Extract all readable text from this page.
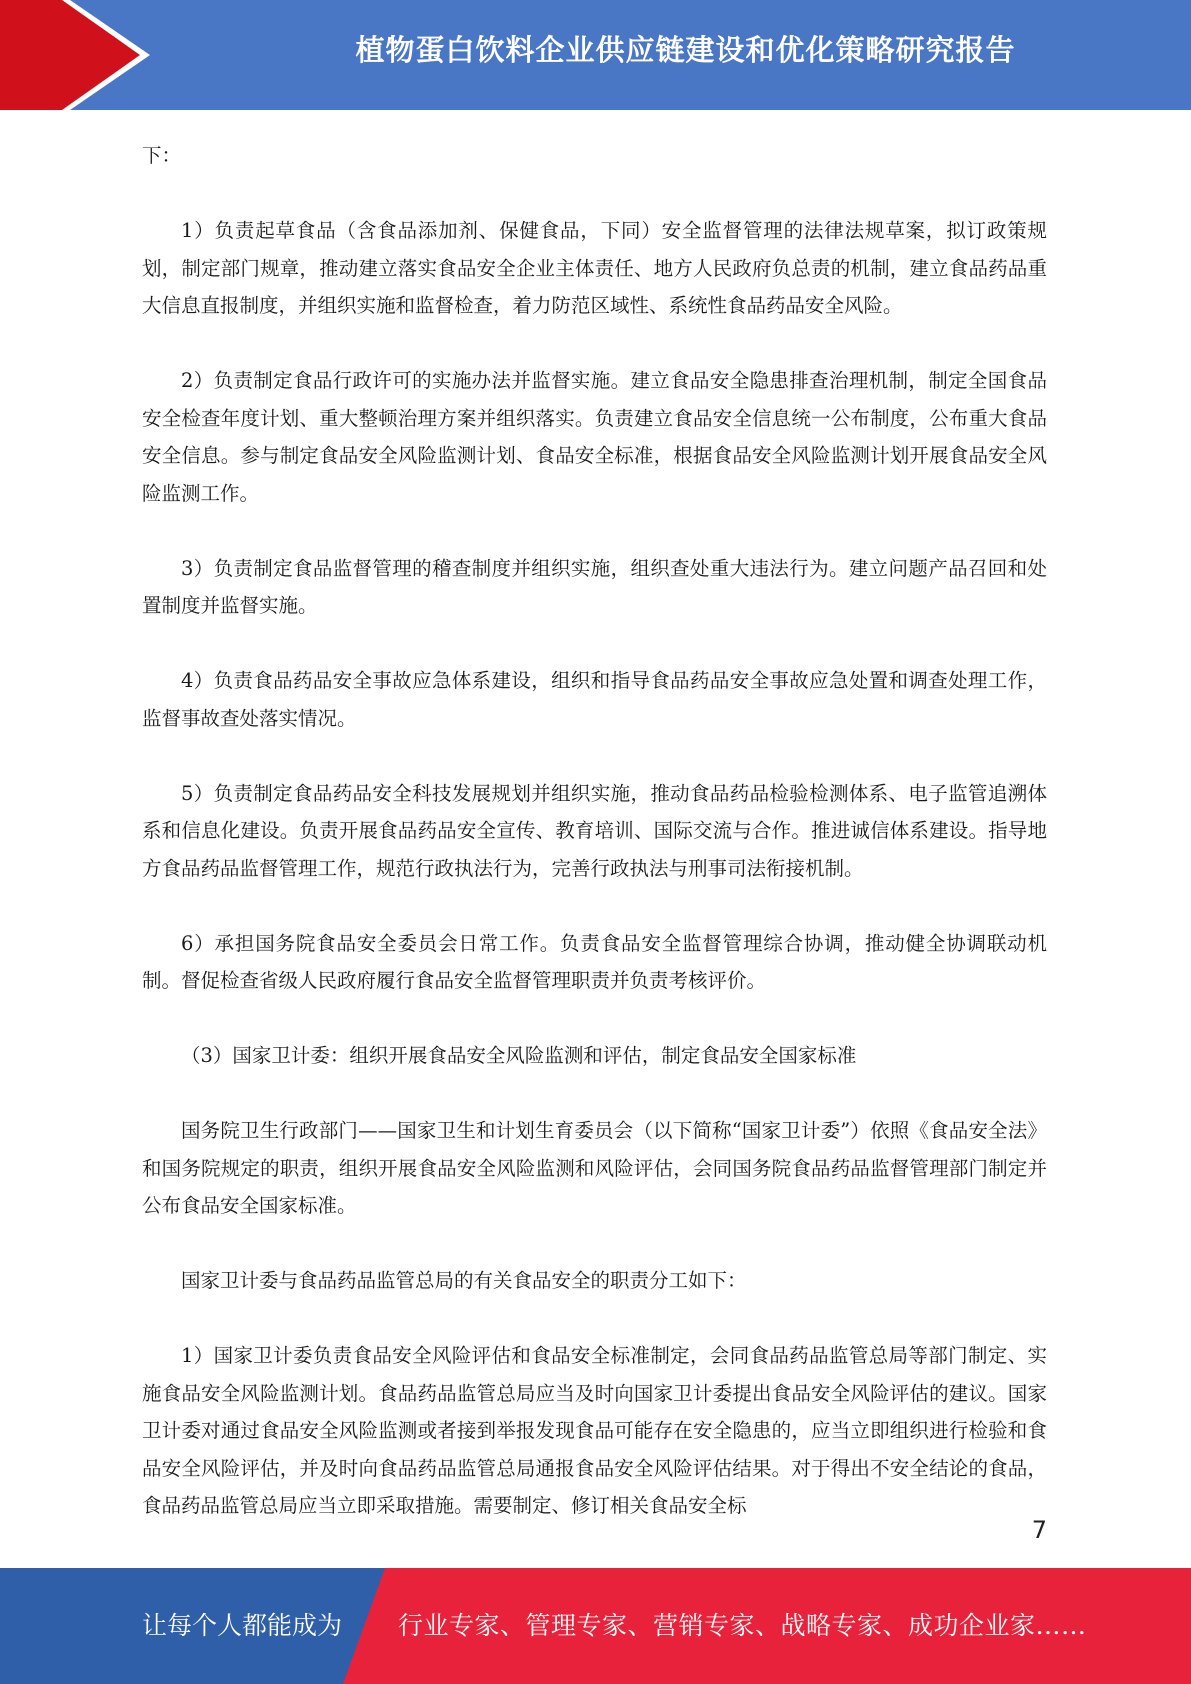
植物蛋白饮料企业供应链建设和优化策略研究报告

下：

1）负责起草食品（含食品添加剂、保健食品，下同）安全监督管理的法律法规草案，拟订政策规划，制定部门规章，推动建立落实食品安全企业主体责任、地方人民政府负总责的机制，建立食品药品重大信息直报制度，并组织实施和监督检查，着力防范区域性、系统性食品药品安全风险。

2）负责制定食品行政许可的实施办法并监督实施。建立食品安全隐患排查治理机制，制定全国食品安全检查年度计划、重大整顿治理方案并组织落实。负责建立食品安全信息统一公布制度，公布重大食品安全信息。参与制定食品安全风险监测计划、食品安全标准，根据食品安全风险监测计划开展食品安全风险监测工作。

3）负责制定食品监督管理的稽查制度并组织实施，组织查处重大违法行为。建立问题产品召回和处置制度并监督实施。

4）负责食品药品安全事故应急体系建设，组织和指导食品药品安全事故应急处置和调查处理工作，监督事故查处落实情况。

5）负责制定食品药品安全科技发展规划并组织实施，推动食品药品检验检测体系、电子监管追溯体系和信息化建设。负责开展食品药品安全宣传、教育培训、国际交流与合作。推进诚信体系建设。指导地方食品药品监督管理工作，规范行政执法行为，完善行政执法与刑事司法衔接机制。

6）承担国务院食品安全委员会日常工作。负责食品安全监督管理综合协调，推动健全协调联动机制。督促检查省级人民政府履行食品安全监督管理职责并负责考核评价。

（3）国家卫计委：组织开展食品安全风险监测和评估，制定食品安全国家标准

国务院卫生行政部门——国家卫生和计划生育委员会（以下简称“国家卫计委”）依照《食品安全法》和国务院规定的职责，组织开展食品安全风险监测和风险评估，会同国务院食品药品监督管理部门制定并公布食品安全国家标准。

国家卫计委与食品药品监管总局的有关食品安全的职责分工如下：

1）国家卫计委负责食品安全风险评估和食品安全标准制定，会同食品药品监管总局等部门制定、实施食品安全风险监测计划。食品药品监管总局应当及时向国家卫计委提出食品安全风险评估的建议。国家卫计委对通过食品安全风险监测或者接到举报发现食品可能存在安全隐患的，应当立即组织进行检验和食品安全风险评估，并及时向食品药品监管总局通报食品安全风险评估结果。对于得出不安全结论的食品，食品药品监管总局应当立即采取措施。需要制定、修订相关食品安全标

7
让每个人都能成为 行业专家、管理专家、营销专家、战略专家、成功企业家……
